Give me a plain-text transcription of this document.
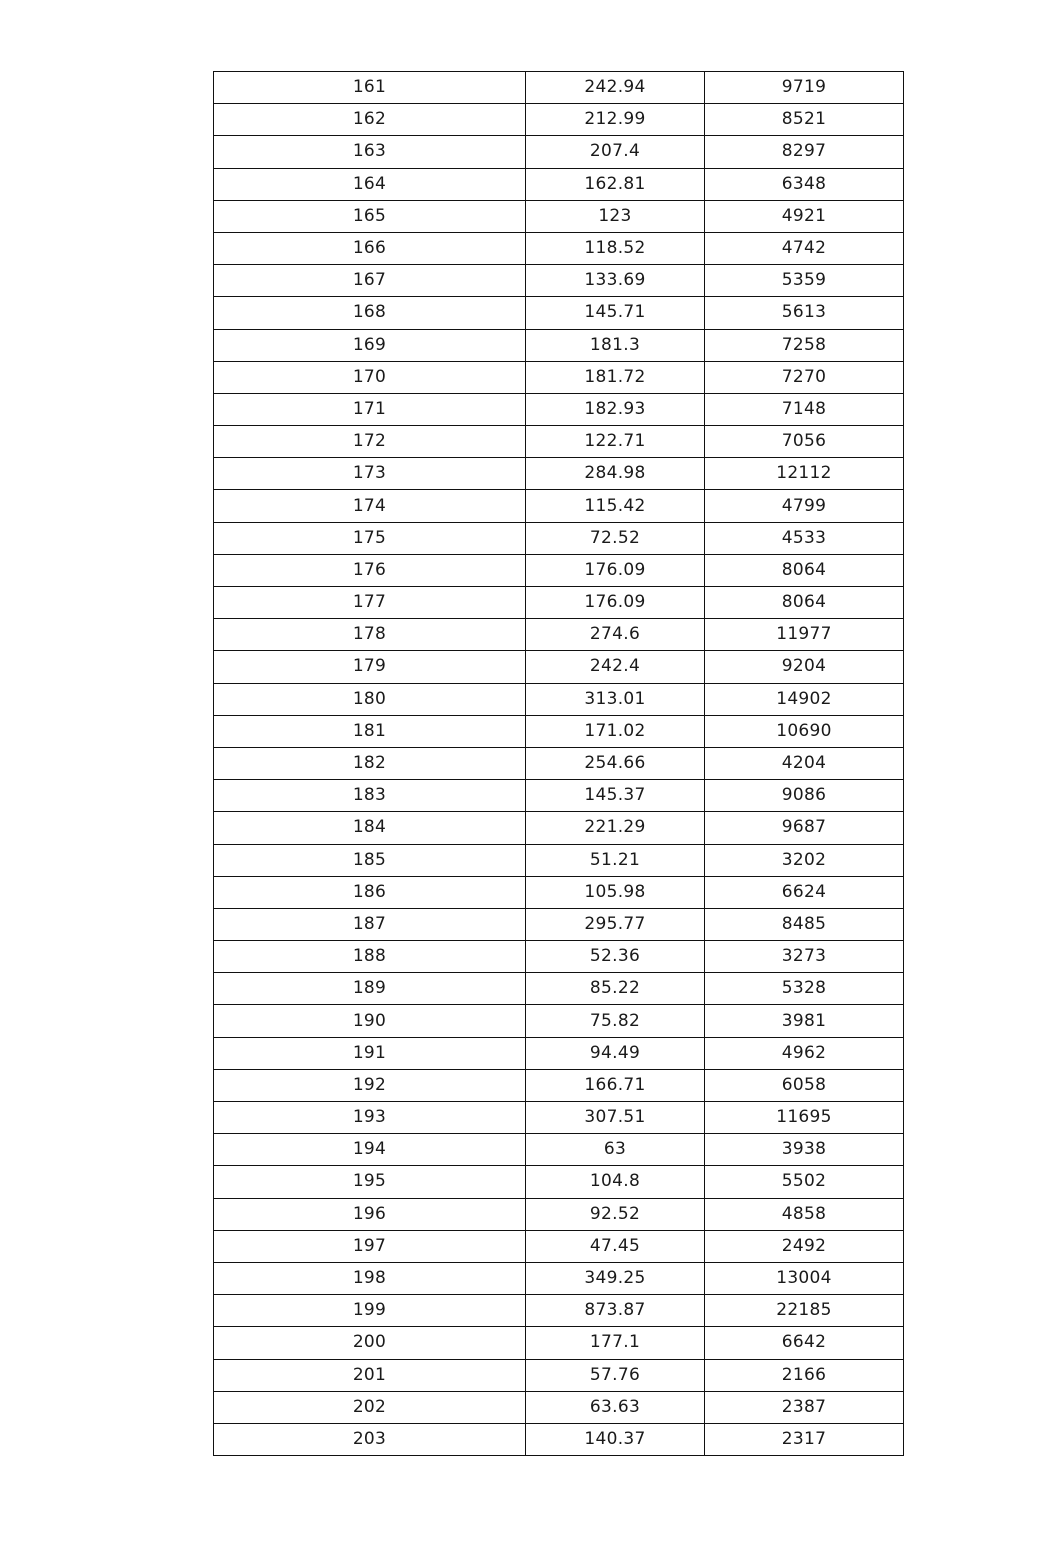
161	242.94	9719
162	212.99	8521
163	207.4	8297
164	162.81	6348
165	123	4921
166	118.52	4742
167	133.69	5359
168	145.71	5613
169	181.3	7258
170	181.72	7270
171	182.93	7148
172	122.71	7056
173	284.98	12112
174	115.42	4799
175	72.52	4533
176	176.09	8064
177	176.09	8064
178	274.6	11977
179	242.4	9204
180	313.01	14902
181	171.02	10690
182	254.66	4204
183	145.37	9086
184	221.29	9687
185	51.21	3202
186	105.98	6624
187	295.77	8485
188	52.36	3273
189	85.22	5328
190	75.82	3981
191	94.49	4962
192	166.71	6058
193	307.51	11695
194	63	3938
195	104.8	5502
196	92.52	4858
197	47.45	2492
198	349.25	13004
199	873.87	22185
200	177.1	6642
201	57.76	2166
202	63.63	2387
203	140.37	2317
